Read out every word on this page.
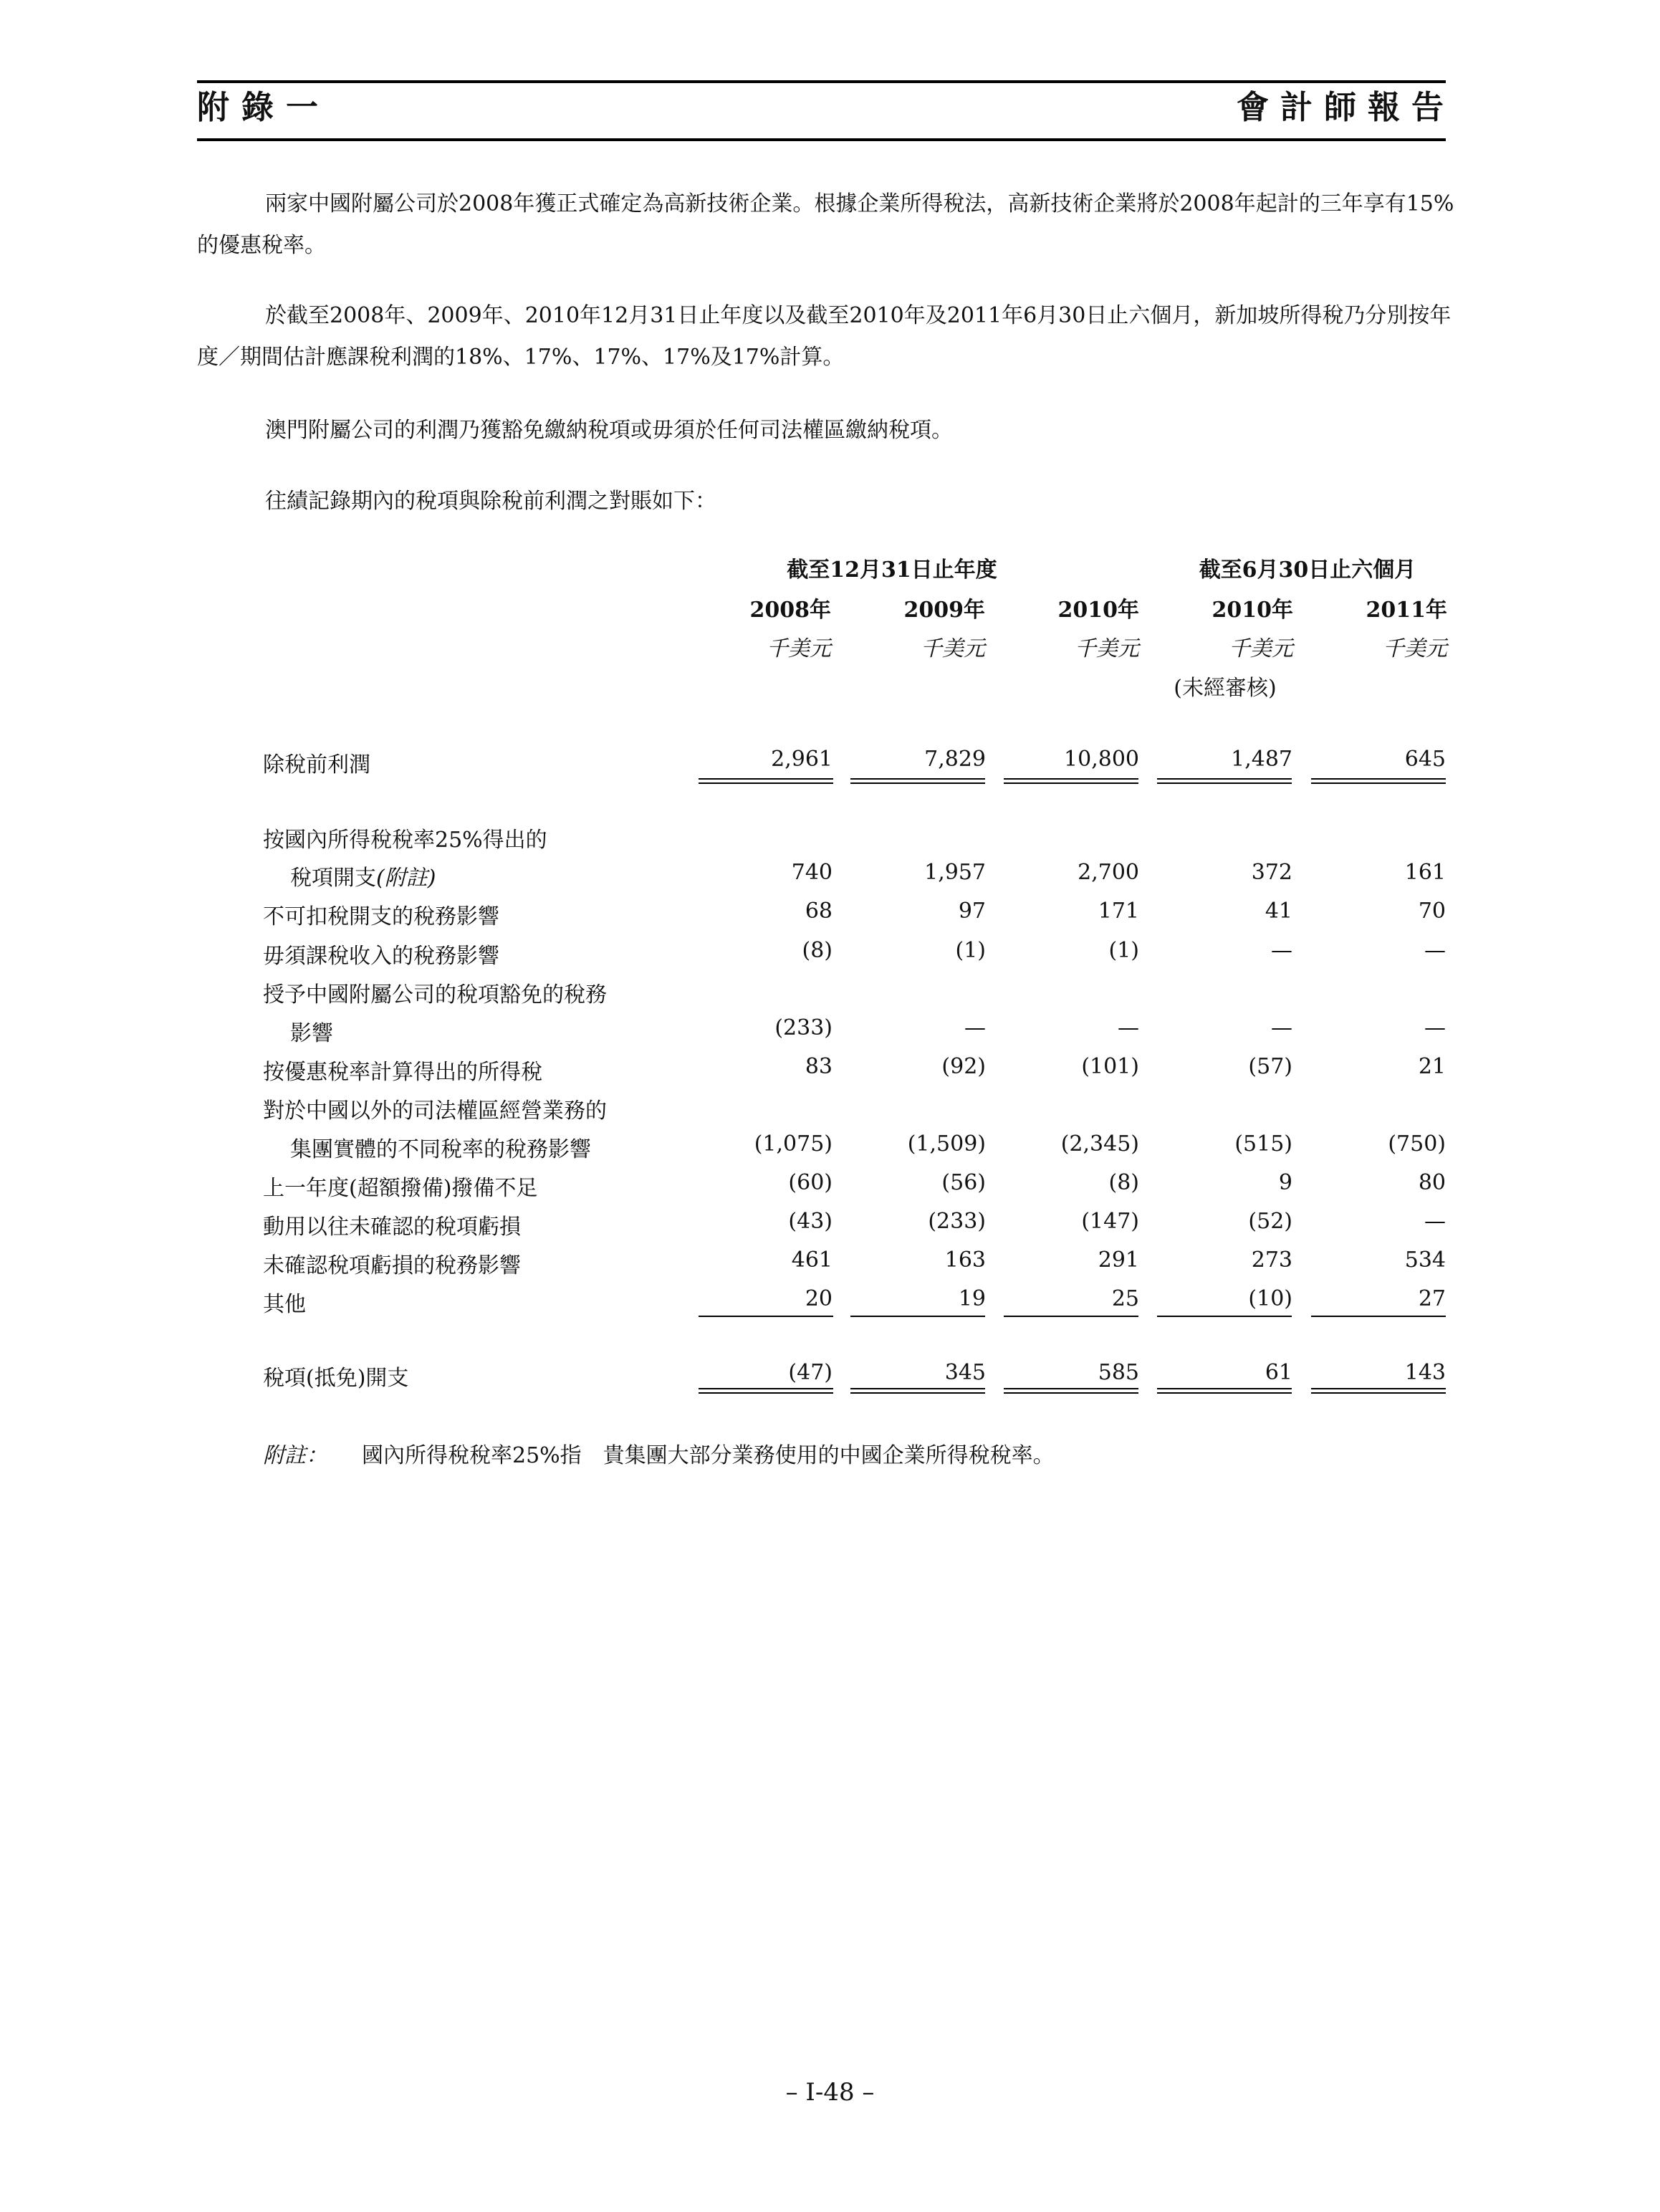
附錄一	會計師報告
兩家中國附屬公司於2008年獲正式確定為高新技術企業。根據企業所得稅法，高新技術企業將於2008年起計的三年享有15%的優惠稅率。
於截至2008年、2009年、2010年12月31日止年度以及截至2010年及2011年6月30日止六個月，新加坡所得稅乃分別按年度／期間估計應課稅利潤的18%、17%、17%、17%及17%計算。
澳門附屬公司的利潤乃獲豁免繳納稅項或毋須於任何司法權區繳納稅項。
往績記錄期內的稅項與除稅前利潤之對賬如下：
截至12月31日止年度	截至6月30日止六個月
2008年	2009年	2010年	2010年	2011年
千美元	千美元	千美元	千美元	千美元
(未經審核)
除稅前利潤	2,961	7,829	10,800	1,487	645
按國內所得稅稅率25%得出的
稅項開支(附註)	740	1,957	2,700	372	161
不可扣稅開支的稅務影響	68	97	171	41	70
毋須課稅收入的稅務影響	(8)	(1)	(1)	—	—
授予中國附屬公司的稅項豁免的稅務
影響	(233)	—	—	—	—
按優惠稅率計算得出的所得稅	83	(92)	(101)	(57)	21
對於中國以外的司法權區經營業務的
集團實體的不同稅率的稅務影響	(1,075)	(1,509)	(2,345)	(515)	(750)
上一年度(超額撥備)撥備不足	(60)	(56)	(8)	9	80
動用以往未確認的稅項虧損	(43)	(233)	(147)	(52)	—
未確認稅項虧損的稅務影響	461	163	291	273	534
其他	20	19	25	(10)	27
稅項(抵免)開支	(47)	345	585	61	143
附註： 國內所得稅稅率25%指　貴集團大部分業務使用的中國企業所得稅稅率。
– I-48 –
